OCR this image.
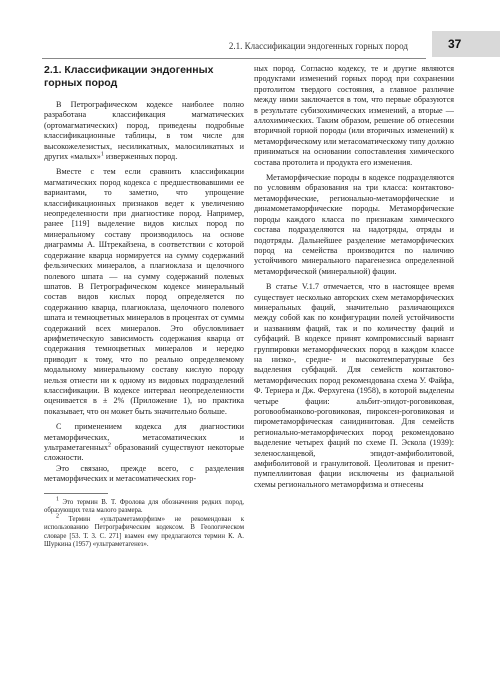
2.1. Классификации эндогенных горных пород	37
2.1. Классификации эндогенных горных пород

В Петрографическом кодексе наиболее полно разработана классификация магматических (ортомагматических) пород, приведены подробные классификационные таблицы, в том числе для высокожелезистых, несиликатных, малосиликатных и других «малых»$^1$ изверженных пород.

Вместе с тем если сравнить классификации магматических пород кодекса с предшествовавшими ее вариантами, то заметно, что упрощение классификационных признаков ведет к увеличению неопределенности при диагностике пород. Например, ранее [119] выделение видов кислых пород по минеральному составу производилось на основе диаграммы А. Штрекайзена, в соответствии с которой содержание кварца нормируется на сумму содержаний фельзических минералов, а плагиоклаза и щелочного полевого шпата — на сумму содержаний полевых шпатов. В Петрографическом кодексе минеральный состав видов кислых пород определяется по содержанию кварца, плагиоклаза, щелочного полевого шпата и темноцветных минералов в процентах от суммы содержаний всех минералов. Это обусловливает арифметическую зависимость содержания кварца от содержания темноцветных минералов и нередко приводит к тому, что по реально определяемому модальному минеральному составу кислую породу нельзя отнести ни к одному из видовых подразделений классификации. В кодексе интервал неопределенности оценивается в ± 2% (Приложение 1), но практика показывает, что он может быть значительно больше.

С применением кодекса для диагностики метаморфических, метасоматических и ультраметагенных$^2$ образований существуют некоторые сложности.

Это связано, прежде всего, с разделения метаморфических и метасоматических гор-

$^1$ Это термин В. Т. Фролова для обозначения редких пород, образующих тела малого размера.

$^2$ Термин «ультраметаморфизм» не рекомендован к использованию Петрографическим кодексом. В Геологическом словаре [53. Т. 3. С. 271] взамен ему предлагаются термин К. А. Шуркина (1957) «ультраметагенез».

ных пород. Согласно кодексу, те и другие являются продуктами изменений горных пород при сохранении протолитом твердого состояния, а главное различие между ними заключается в том, что первые образуются в результате субизохимических изменений, а вторые — аллохимических. Таким образом, решение об отнесении вторичной горной породы (или вторичных изменений) к метаморфическому или метасоматическому типу должно приниматься на основании сопоставления химического состава протолита и продукта его изменения.

Метаморфические породы в кодексе подразделяются по условиям образования на три класса: контактово-метаморфические, регионально-метаморфические и динамометаморфические породы. Метаморфические породы каждого класса по признакам химического состава подразделяются на надотряды, отряды и подотряды. Дальнейшее разделение метаморфических пород на семейства производится по наличию устойчивого минерального парагенезиса определенной метаморфической (минеральной) фации.

В статье V.1.7 отмечается, что в настоящее время существует несколько авторских схем метаморфических минеральных фаций, значительно различающихся между собой как по конфигурации полей устойчивости и названиям фаций, так и по количеству фаций и субфаций. В кодексе принят компромиссный вариант группировки метаморфических пород в каждом классе на низко-, средне- и высокотемпературные без выделения субфаций. Для семейств контактово-метаморфических пород рекомендована схема У. Файфа, Ф. Тернера и Дж. Ферхугена (1958), в которой выделены четыре фации: альбит-эпидот-роговиковая, роговообманково-роговиковая, пироксен-роговиковая и пирометаморфическая санидинитовая. Для семейств регионально-метаморфических пород рекомендовано выделение четырех фаций по схеме П. Эскола (1939): зеленосланцевой, эпидот-амфиболитовой, амфиболитовой и гранулитовой. Цеолитовая и пренит-пумпеллиитовая фации исключены из фациальной схемы регионального метаморфизма и отнесены
